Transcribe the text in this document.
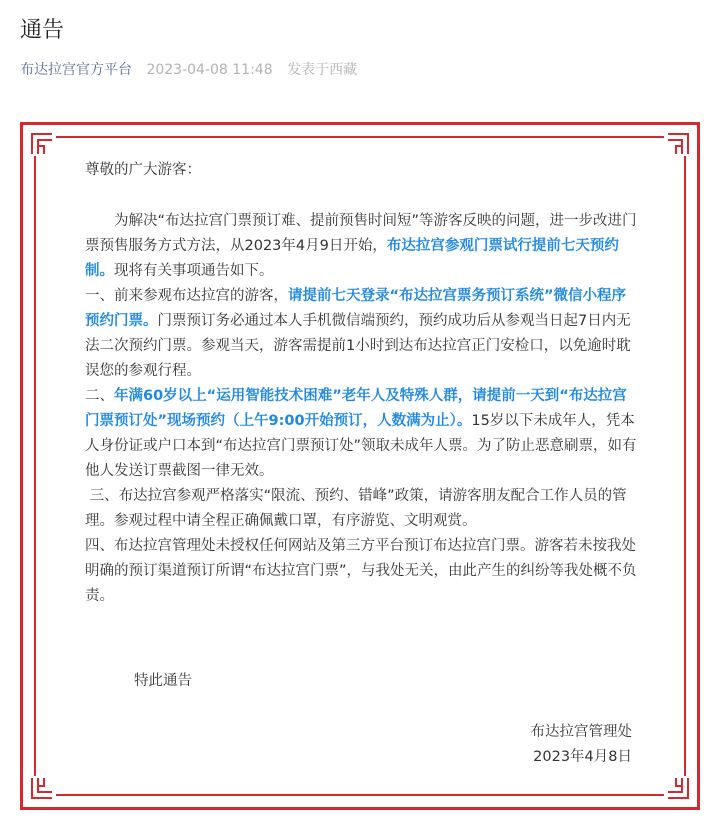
通告
布达拉宫官方平台 2023-04-08 11:48 发表于西藏

尊敬的广大游客：

为解决“布达拉宫门票预订难、提前预售时间短”等游客反映的问题，进一步改进门票预售服务方式方法，从2023年4月9日开始，布达拉宫参观门票试行提前七天预约制。现将有关事项通告如下。

一、前来参观布达拉宫的游客，请提前七天登录“布达拉宫票务预订系统”微信小程序预约门票。门票预订务必通过本人手机微信端预约，预约成功后从参观当日起7日内无法二次预约门票。参观当天，游客需提前1小时到达布达拉宫正门安检口，以免逾时耽误您的参观行程。

二、年满60岁以上“运用智能技术困难”老年人及特殊人群，请提前一天到“布达拉宫门票预订处”现场预约（上午9:00开始预订，人数满为止）。15岁以下未成年人，凭本人身份证或户口本到“布达拉宫门票预订处”领取未成年人票。为了防止恶意刷票，如有他人发送订票截图一律无效。

三、布达拉宫参观严格落实“限流、预约、错峰”政策，请游客朋友配合工作人员的管理。参观过程中请全程正确佩戴口罩，有序游览、文明观赏。

四、布达拉宫管理处未授权任何网站及第三方平台预订布达拉宫门票。游客若未按我处明确的预订渠道预订所谓“布达拉宫门票”，与我处无关，由此产生的纠纷等我处概不负责。

特此通告
布达拉宫管理处
2023年4月8日
